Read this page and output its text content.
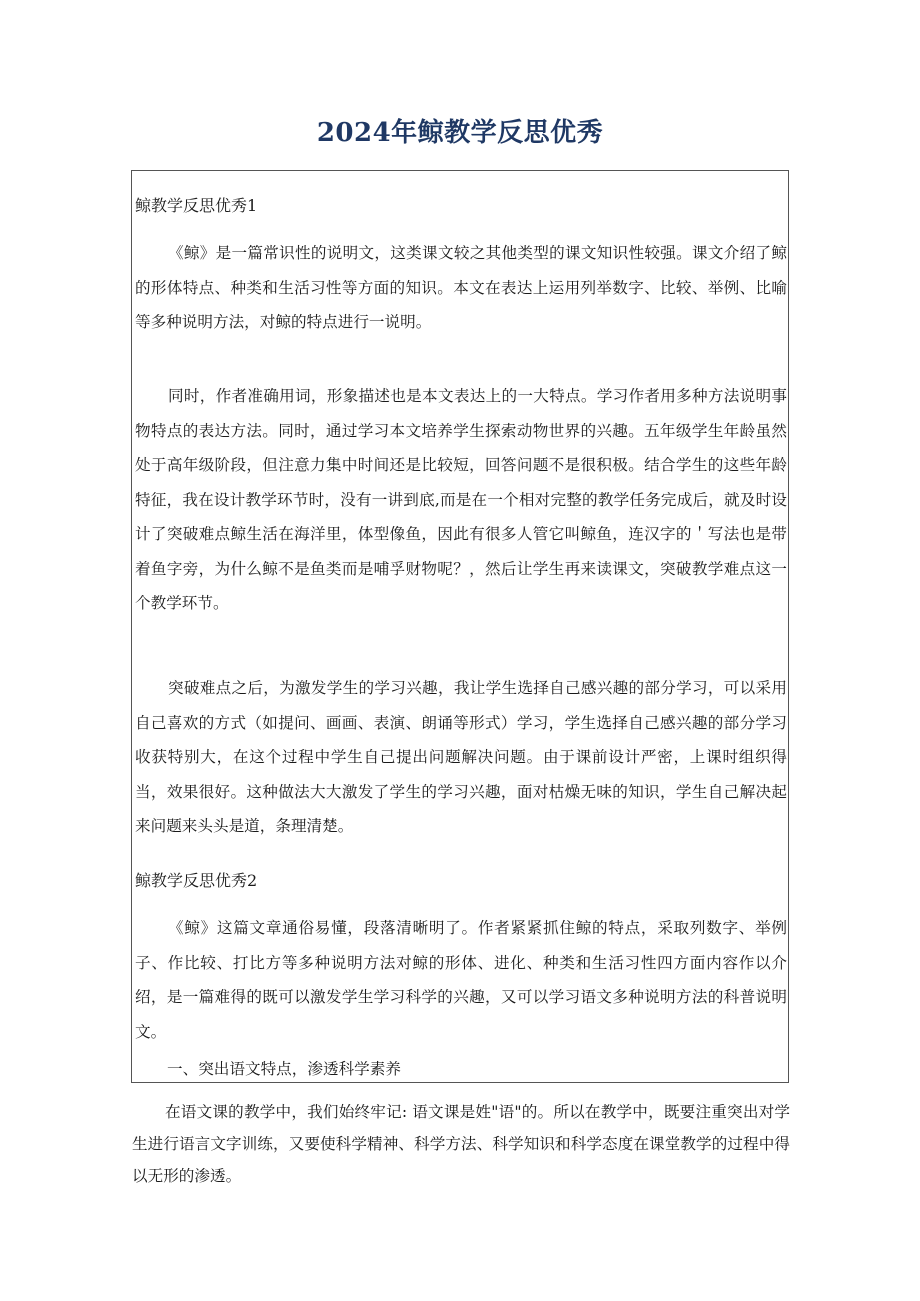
2024年鲸教学反思优秀
鲸教学反思优秀1
《鲸》是一篇常识性的说明文，这类课文较之其他类型的课文知识性较强。课文介绍了鲸的形体特点、种类和生活习性等方面的知识。本文在表达上运用列举数字、比较、举例、比喻等多种说明方法，对鲸的特点进行一说明。
同时，作者准确用词，形象描述也是本文表达上的一大特点。学习作者用多种方法说明事物特点的表达方法。同时，通过学习本文培养学生探索动物世界的兴趣。五年级学生年龄虽然处于高年级阶段，但注意力集中时间还是比较短，回答问题不是很积极。结合学生的这些年龄特征，我在设计教学环节时，没有一讲到底,而是在一个相对完整的教学任务完成后，就及时设计了突破难点鲸生活在海洋里，体型像鱼，因此有很多人管它叫鲸鱼，连汉字的＇写法也是带着鱼字旁，为什么鲸不是鱼类而是哺孚财物呢？，然后让学生再来读课文，突破教学难点这一个教学环节。
突破难点之后，为激发学生的学习兴趣，我让学生选择自己感兴趣的部分学习，可以采用自己喜欢的方式（如提问、画画、表演、朗诵等形式）学习，学生选择自己感兴趣的部分学习收获特别大，在这个过程中学生自己提出问题解决问题。由于课前设计严密，上课时组织得当，效果很好。这种做法大大激发了学生的学习兴趣，面对枯燥无味的知识，学生自己解决起来问题来头头是道，条理清楚。
鲸教学反思优秀2
《鲸》这篇文章通俗易懂，段落清晰明了。作者紧紧抓住鲸的特点，采取列数字、举例子、作比较、打比方等多种说明方法对鲸的形体、进化、种类和生活习性四方面内容作以介绍，是一篇难得的既可以激发学生学习科学的兴趣，又可以学习语文多种说明方法的科普说明文。
一、突出语文特点，渗透科学素养
在语文课的教学中，我们始终牢记: 语文课是姓"语"的。所以在教学中，既要注重突出对学生进行语言文字训练，又要使科学精神、科学方法、科学知识和科学态度在课堂教学的过程中得以无形的渗透。
